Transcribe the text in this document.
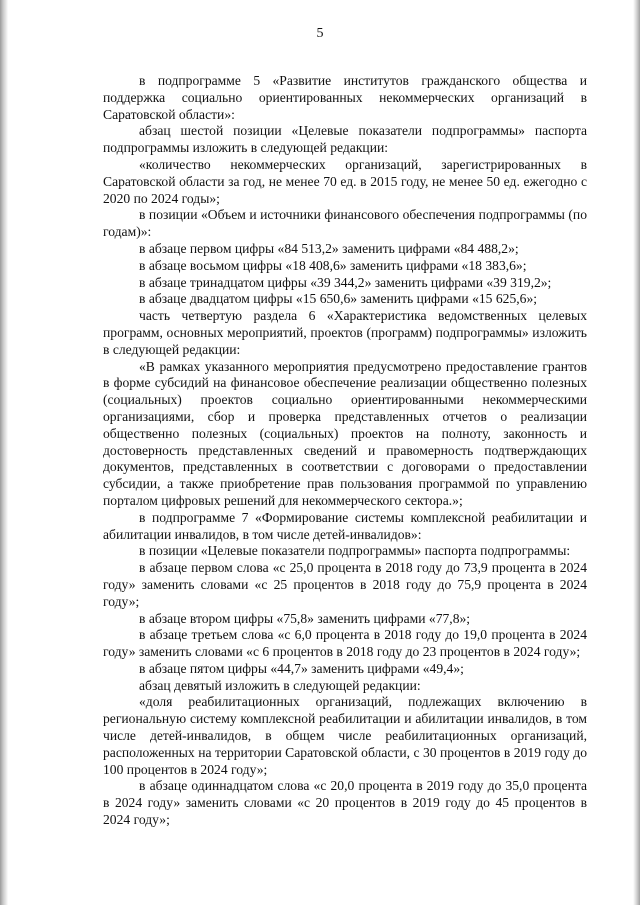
5

в подпрограмме 5 «Развитие институтов гражданского общества и поддержка социально ориентированных некоммерческих организаций в Саратовской области»:

абзац шестой позиции «Целевые показатели подпрограммы» паспорта подпрограммы изложить в следующей редакции:

«количество некоммерческих организаций, зарегистрированных в Саратовской области за год, не менее 70 ед. в 2015 году, не менее 50 ед. ежегодно с 2020 по 2024 годы»;

в позиции «Объем и источники финансового обеспечения подпрограммы (по годам)»:

в абзаце первом цифры «84 513,2» заменить цифрами «84 488,2»;

в абзаце восьмом цифры «18 408,6» заменить цифрами «18 383,6»;

в абзаце тринадцатом цифры «39 344,2» заменить цифрами «39 319,2»;

в абзаце двадцатом цифры «15 650,6» заменить цифрами «15 625,6»;

часть четвертую раздела 6 «Характеристика ведомственных целевых программ, основных мероприятий, проектов (программ) подпрограммы» изложить в следующей редакции:

«В рамках указанного мероприятия предусмотрено предоставление грантов в форме субсидий на финансовое обеспечение реализации общественно полезных (социальных) проектов социально ориентированными некоммерческими организациями, сбор и проверка представленных отчетов о реализации общественно полезных (социальных) проектов на полноту, законность и достоверность представленных сведений и правомерность подтверждающих документов, представленных в соответствии с договорами о предоставлении субсидии, а также приобретение прав пользования программой по управлению порталом цифровых решений для некоммерческого сектора.»;

в подпрограмме 7 «Формирование системы комплексной реабилитации и абилитации инвалидов, в том числе детей-инвалидов»:

в позиции «Целевые показатели подпрограммы» паспорта подпрограммы:

в абзаце первом слова «с 25,0 процента в 2018 году до 73,9 процента в 2024 году» заменить словами «с 25 процентов в 2018 году до 75,9 процента в 2024 году»;

в абзаце втором цифры «75,8» заменить цифрами «77,8»;

в абзаце третьем слова «с 6,0 процента в 2018 году до 19,0 процента в 2024 году» заменить словами «с 6 процентов в 2018 году до 23 процентов в 2024 году»;

в абзаце пятом цифры «44,7» заменить цифрами «49,4»;

абзац девятый изложить в следующей редакции:

«доля реабилитационных организаций, подлежащих включению в региональную систему комплексной реабилитации и абилитации инвалидов, в том числе детей-инвалидов, в общем числе реабилитационных организаций, расположенных на территории Саратовской области, с 30 процентов в 2019 году до 100 процентов в 2024 году»;

в абзаце одиннадцатом слова «с 20,0 процента в 2019 году до 35,0 процента в 2024 году» заменить словами «с 20 процентов в 2019 году до 45 процентов в 2024 году»;
